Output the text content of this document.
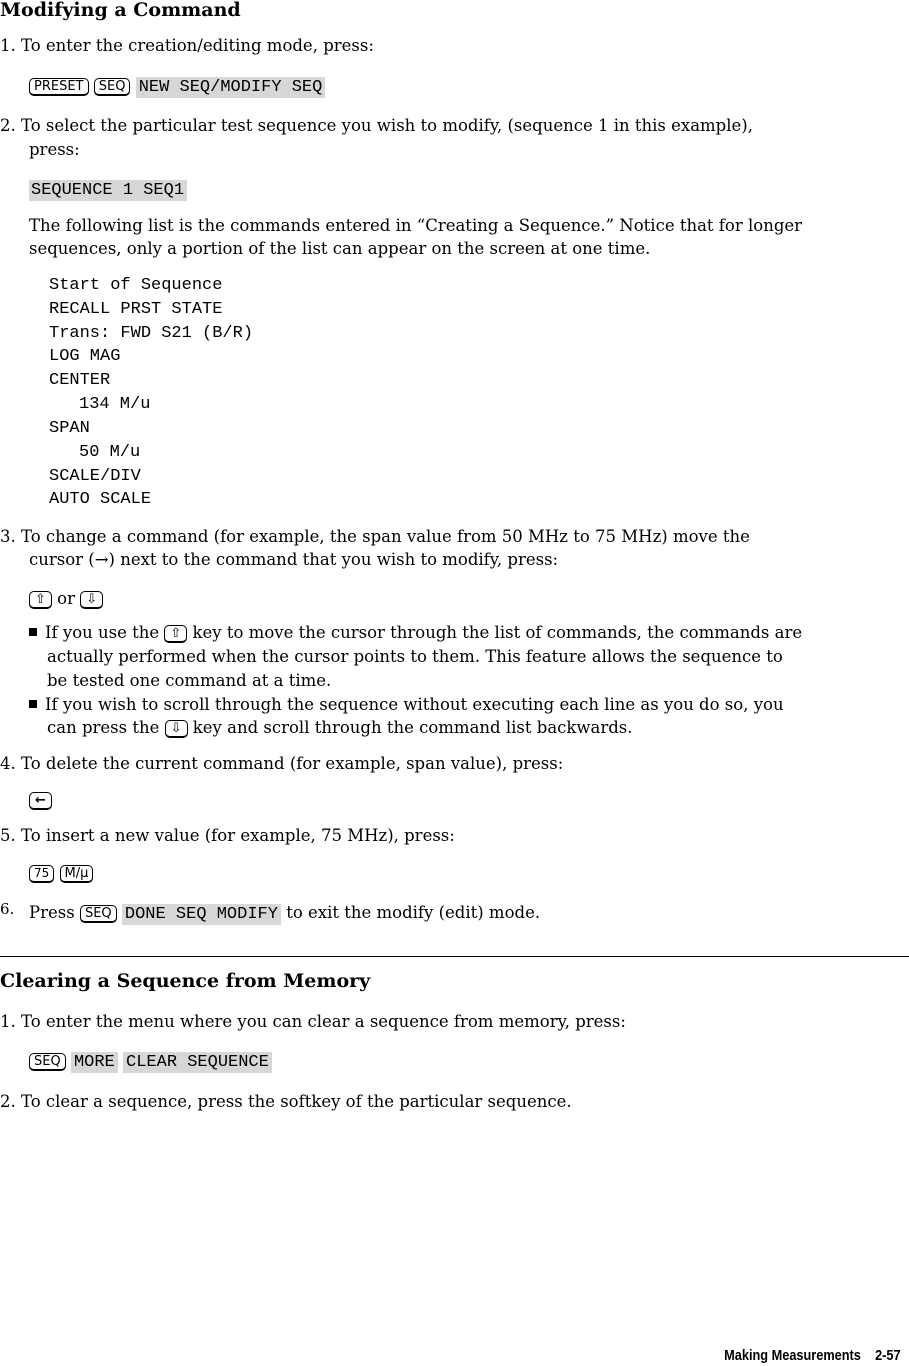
Modifying a Command
1. To enter the creation/editing mode, press:
PRESET SEQ NEW SEQ/MODIFY SEQ
2. To select the particular test sequence you wish to modify, (sequence 1 in this example),
press:
SEQUENCE 1 SEQ1
The following list is the commands entered in “Creating a Sequence.” Notice that for longer
sequences, only a portion of the list can appear on the screen at one time.
Start of Sequence
RECALL PRST STATE
Trans: FWD S21 (B/R)
LOG MAG
CENTER
134 M/u
SPAN
50 M/u
SCALE/DIV
AUTO SCALE
3. To change a command (for example, the span value from 50 MHz to 75 MHz) move the
cursor (→) next to the command that you wish to modify, press:
⇧ or ⇩
If you use the ⇧ key to move the cursor through the list of commands, the commands are
actually performed when the cursor points to them. This feature allows the sequence to
be tested one command at a time.
If you wish to scroll through the sequence without executing each line as you do so, you
can press the ⇩ key and scroll through the command list backwards.
4. To delete the current command (for example, span value), press:
←
5. To insert a new value (for example, 75 MHz), press:
75 M/μ
6. Press SEQ DONE SEQ MODIFY to exit the modify (edit) mode.
Clearing a Sequence from Memory
1. To enter the menu where you can clear a sequence from memory, press:
SEQ MORE CLEAR SEQUENCE
2. To clear a sequence, press the softkey of the particular sequence.
Making Measurements 2-57
